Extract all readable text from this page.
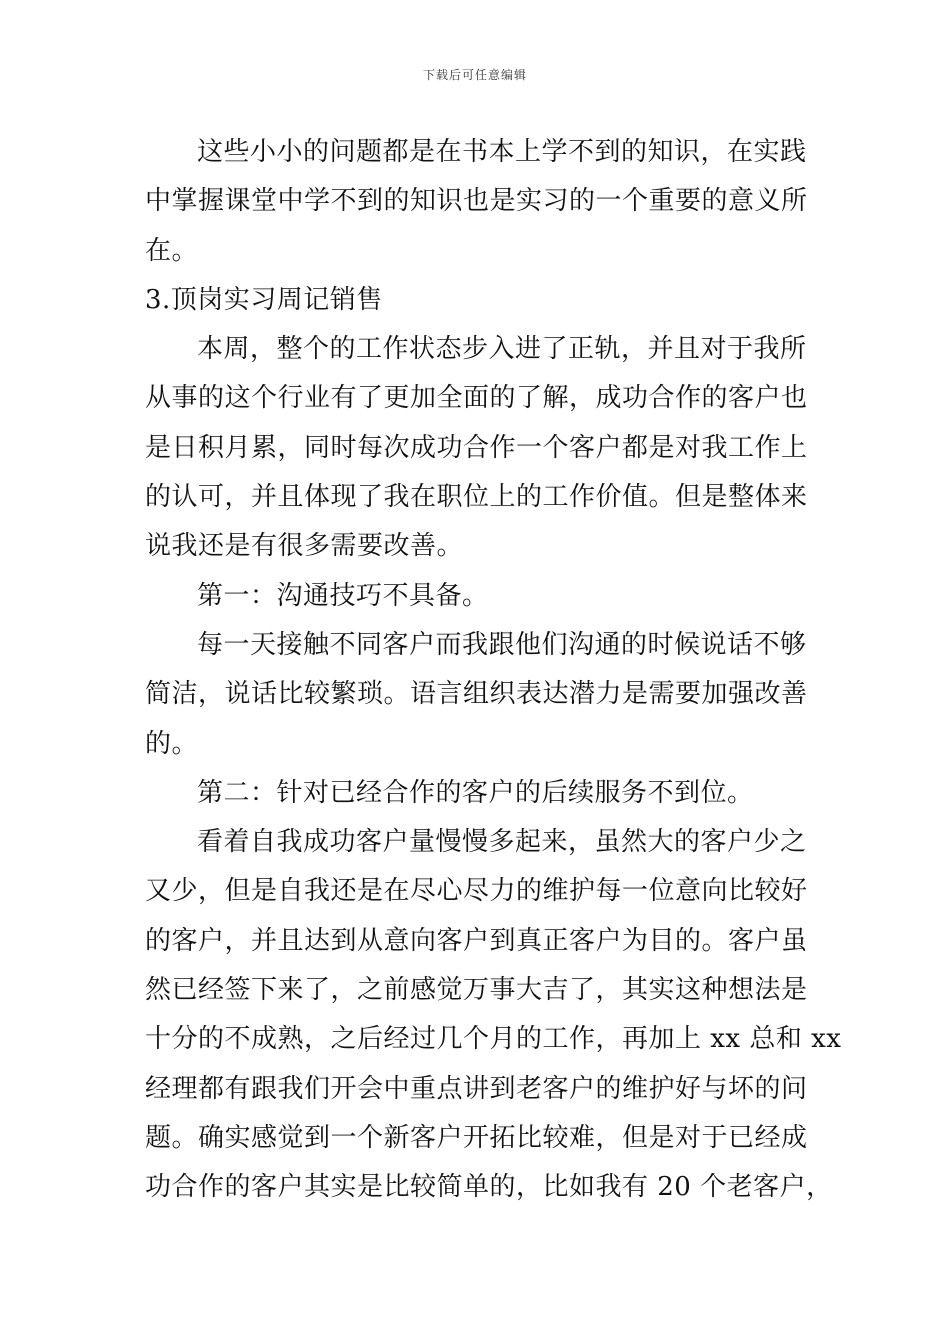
下载后可任意编辑
这些小小的问题都是在书本上学不到的知识，在实践
中掌握课堂中学不到的知识也是实习的一个重要的意义所
在。
3.顶岗实习周记销售
本周，整个的工作状态步入进了正轨，并且对于我所
从事的这个行业有了更加全面的了解，成功合作的客户也
是日积月累，同时每次成功合作一个客户都是对我工作上
的认可，并且体现了我在职位上的工作价值。但是整体来
说我还是有很多需要改善。
第一：沟通技巧不具备。
每一天接触不同客户而我跟他们沟通的时候说话不够
简洁，说话比较繁琐。语言组织表达潜力是需要加强改善
的。
第二：针对已经合作的客户的后续服务不到位。
看着自我成功客户量慢慢多起来，虽然大的客户少之
又少，但是自我还是在尽心尽力的维护每一位意向比较好
的客户，并且达到从意向客户到真正客户为目的。客户虽
然已经签下来了，之前感觉万事大吉了，其实这种想法是
十分的不成熟，之后经过几个月的工作，再加上 xx 总和 xx
经理都有跟我们开会中重点讲到老客户的维护好与坏的问
题。确实感觉到一个新客户开拓比较难，但是对于已经成
功合作的客户其实是比较简单的，比如我有 20 个老客户，
